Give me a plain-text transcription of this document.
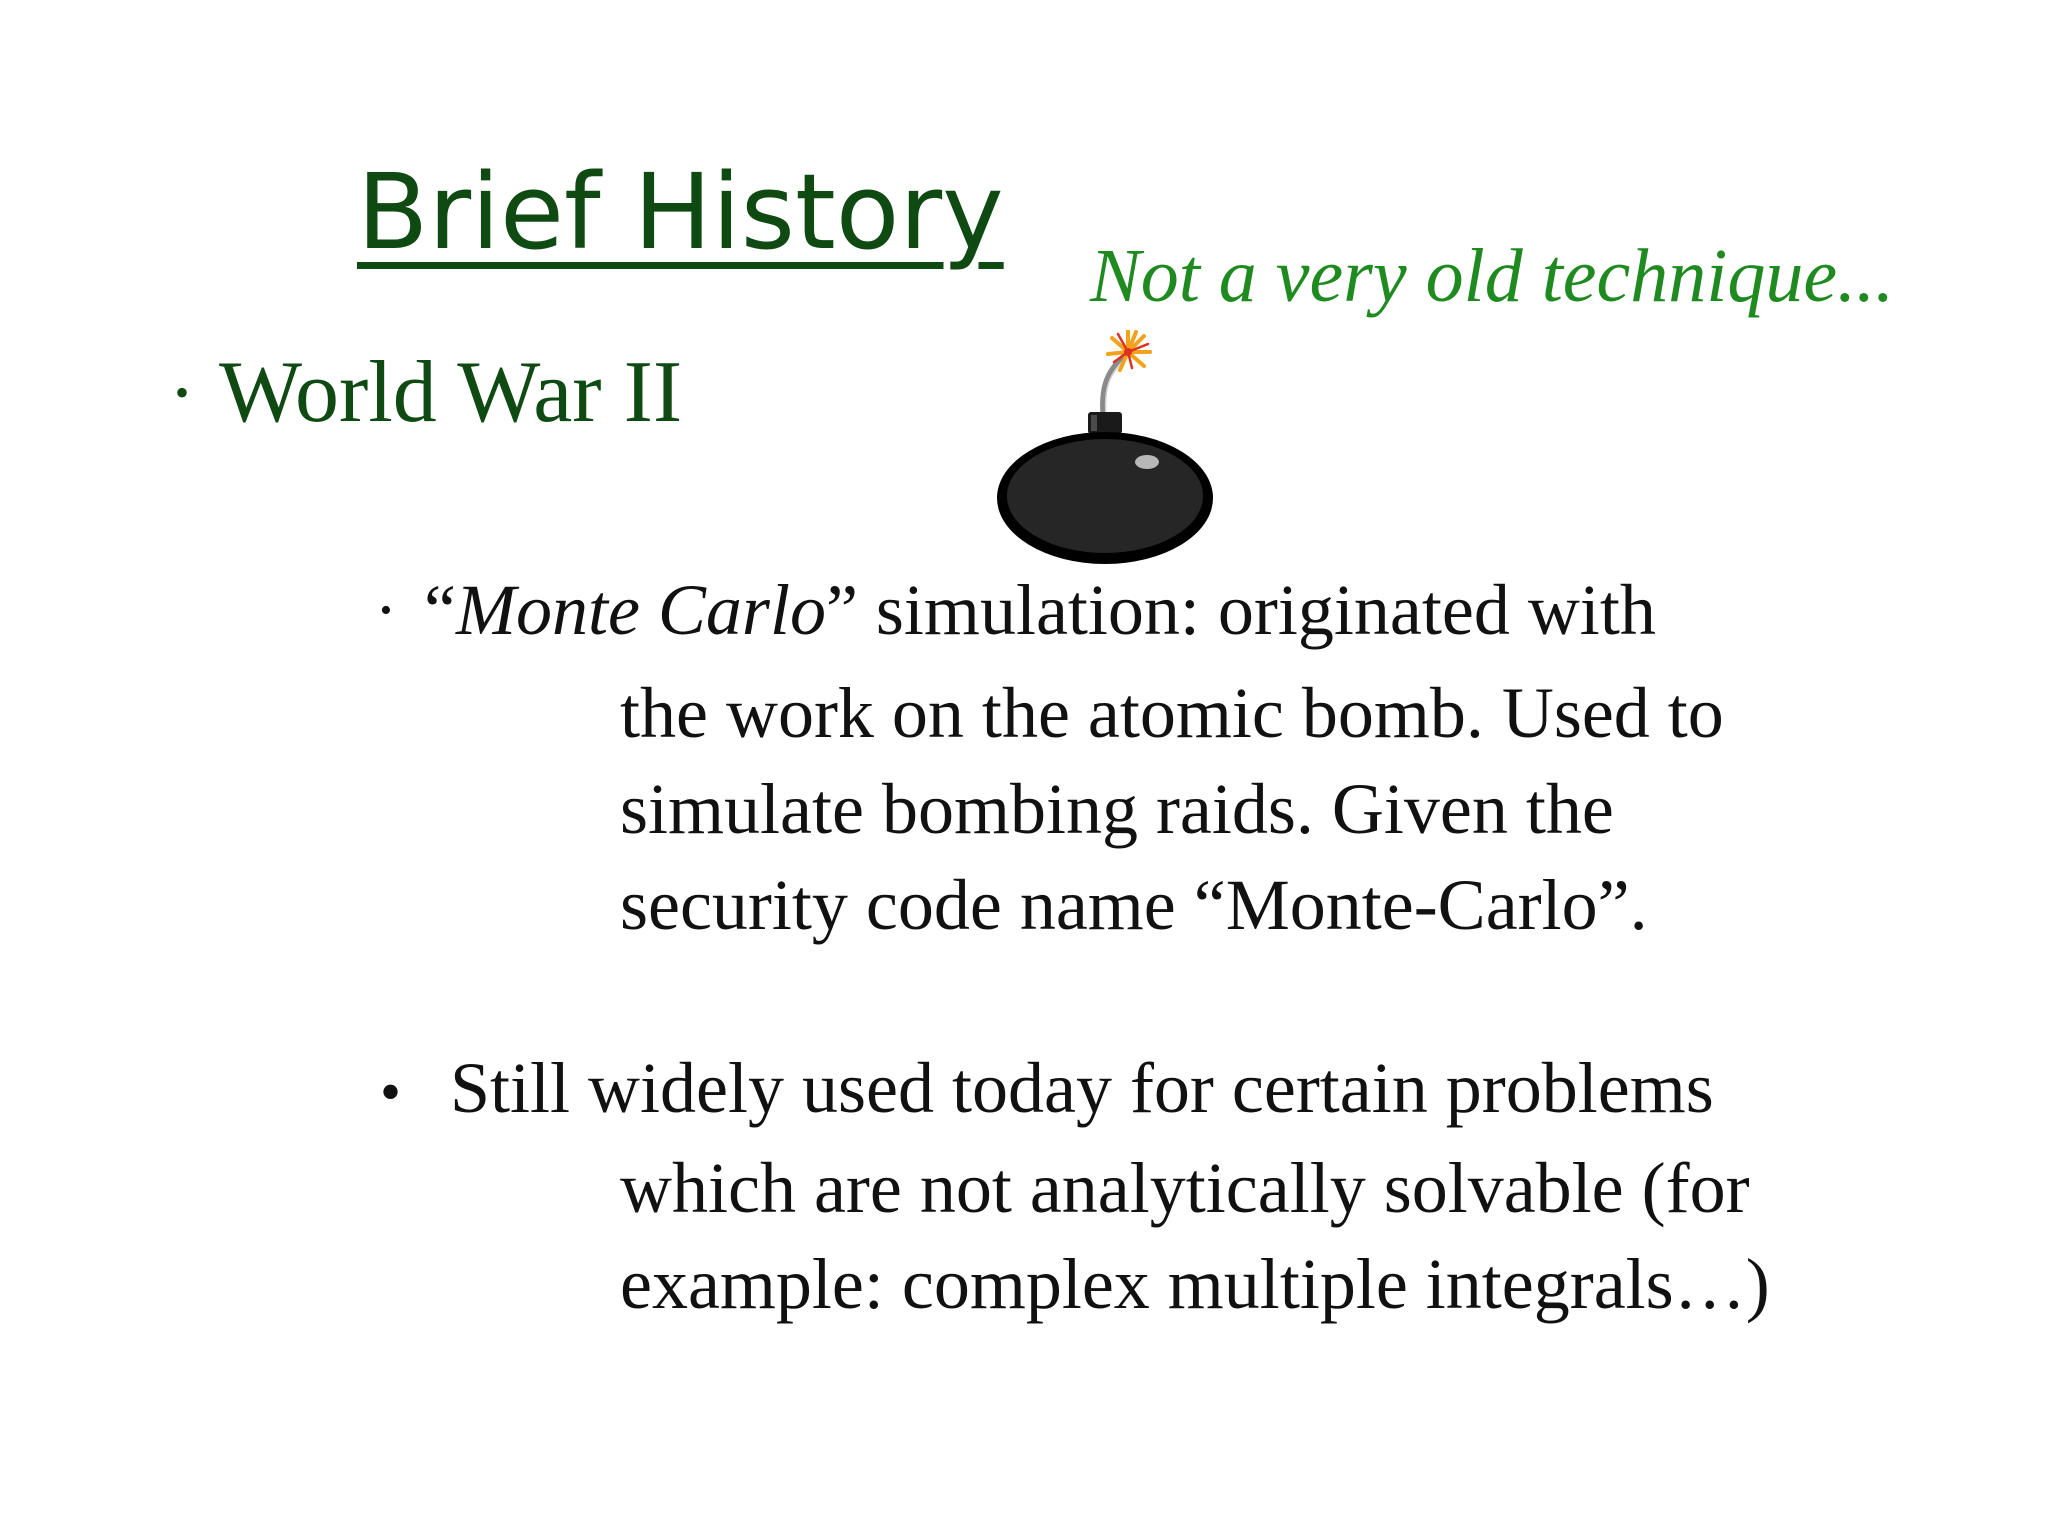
Brief History
Not a very old technique...
• World War II
• “Monte Carlo” simulation: originated with
the work on the atomic bomb. Used to
simulate bombing raids. Given the
security code name “Monte-Carlo”.
• Still widely used today for certain problems
which are not analytically solvable (for
example: complex multiple integrals…)
